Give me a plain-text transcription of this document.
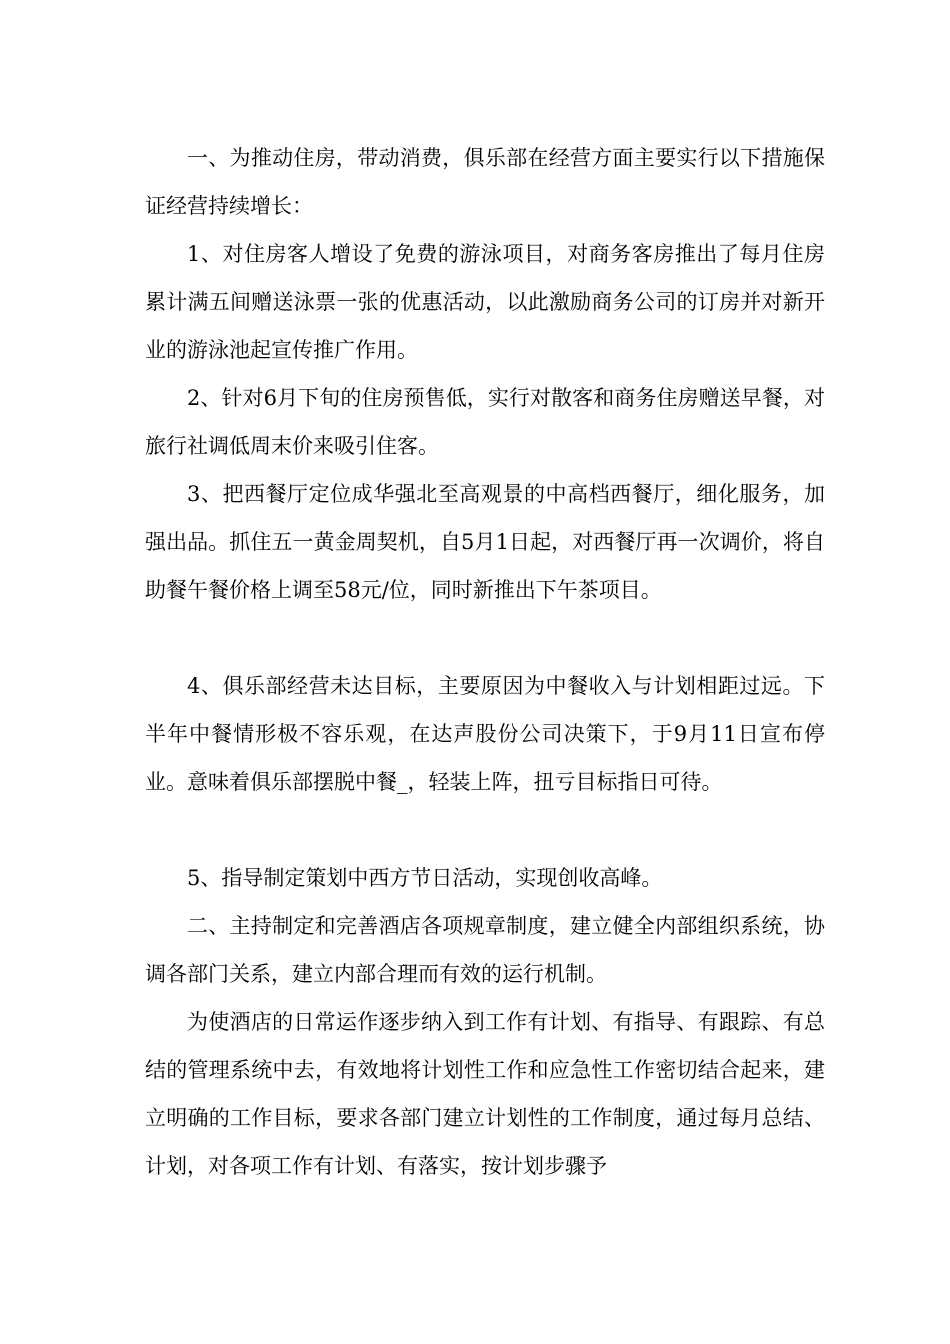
一、为推动住房，带动消费，俱乐部在经营方面主要实行以下措施保证经营持续增长：

1、对住房客人增设了免费的游泳项目，对商务客房推出了每月住房累计满五间赠送泳票一张的优惠活动，以此激励商务公司的订房并对新开业的游泳池起宣传推广作用。

2、针对6月下旬的住房预售低，实行对散客和商务住房赠送早餐，对旅行社调低周末价来吸引住客。

3、把西餐厅定位成华强北至高观景的中高档西餐厅，细化服务，加强出品。抓住五一黄金周契机，自5月1日起，对西餐厅再一次调价，将自助餐午餐价格上调至58元/位，同时新推出下午茶项目。

4、俱乐部经营未达目标，主要原因为中餐收入与计划相距过远。下半年中餐情形极不容乐观，在达声股份公司决策下，于9月11日宣布停业。意味着俱乐部摆脱中餐_，轻装上阵，扭亏目标指日可待。

5、指导制定策划中西方节日活动，实现创收高峰。

二、主持制定和完善酒店各项规章制度，建立健全内部组织系统，协调各部门关系，建立内部合理而有效的运行机制。

为使酒店的日常运作逐步纳入到工作有计划、有指导、有跟踪、有总结的管理系统中去，有效地将计划性工作和应急性工作密切结合起来，建立明确的工作目标，要求各部门建立计划性的工作制度，通过每月总结、计划，对各项工作有计划、有落实，按计划步骤予
